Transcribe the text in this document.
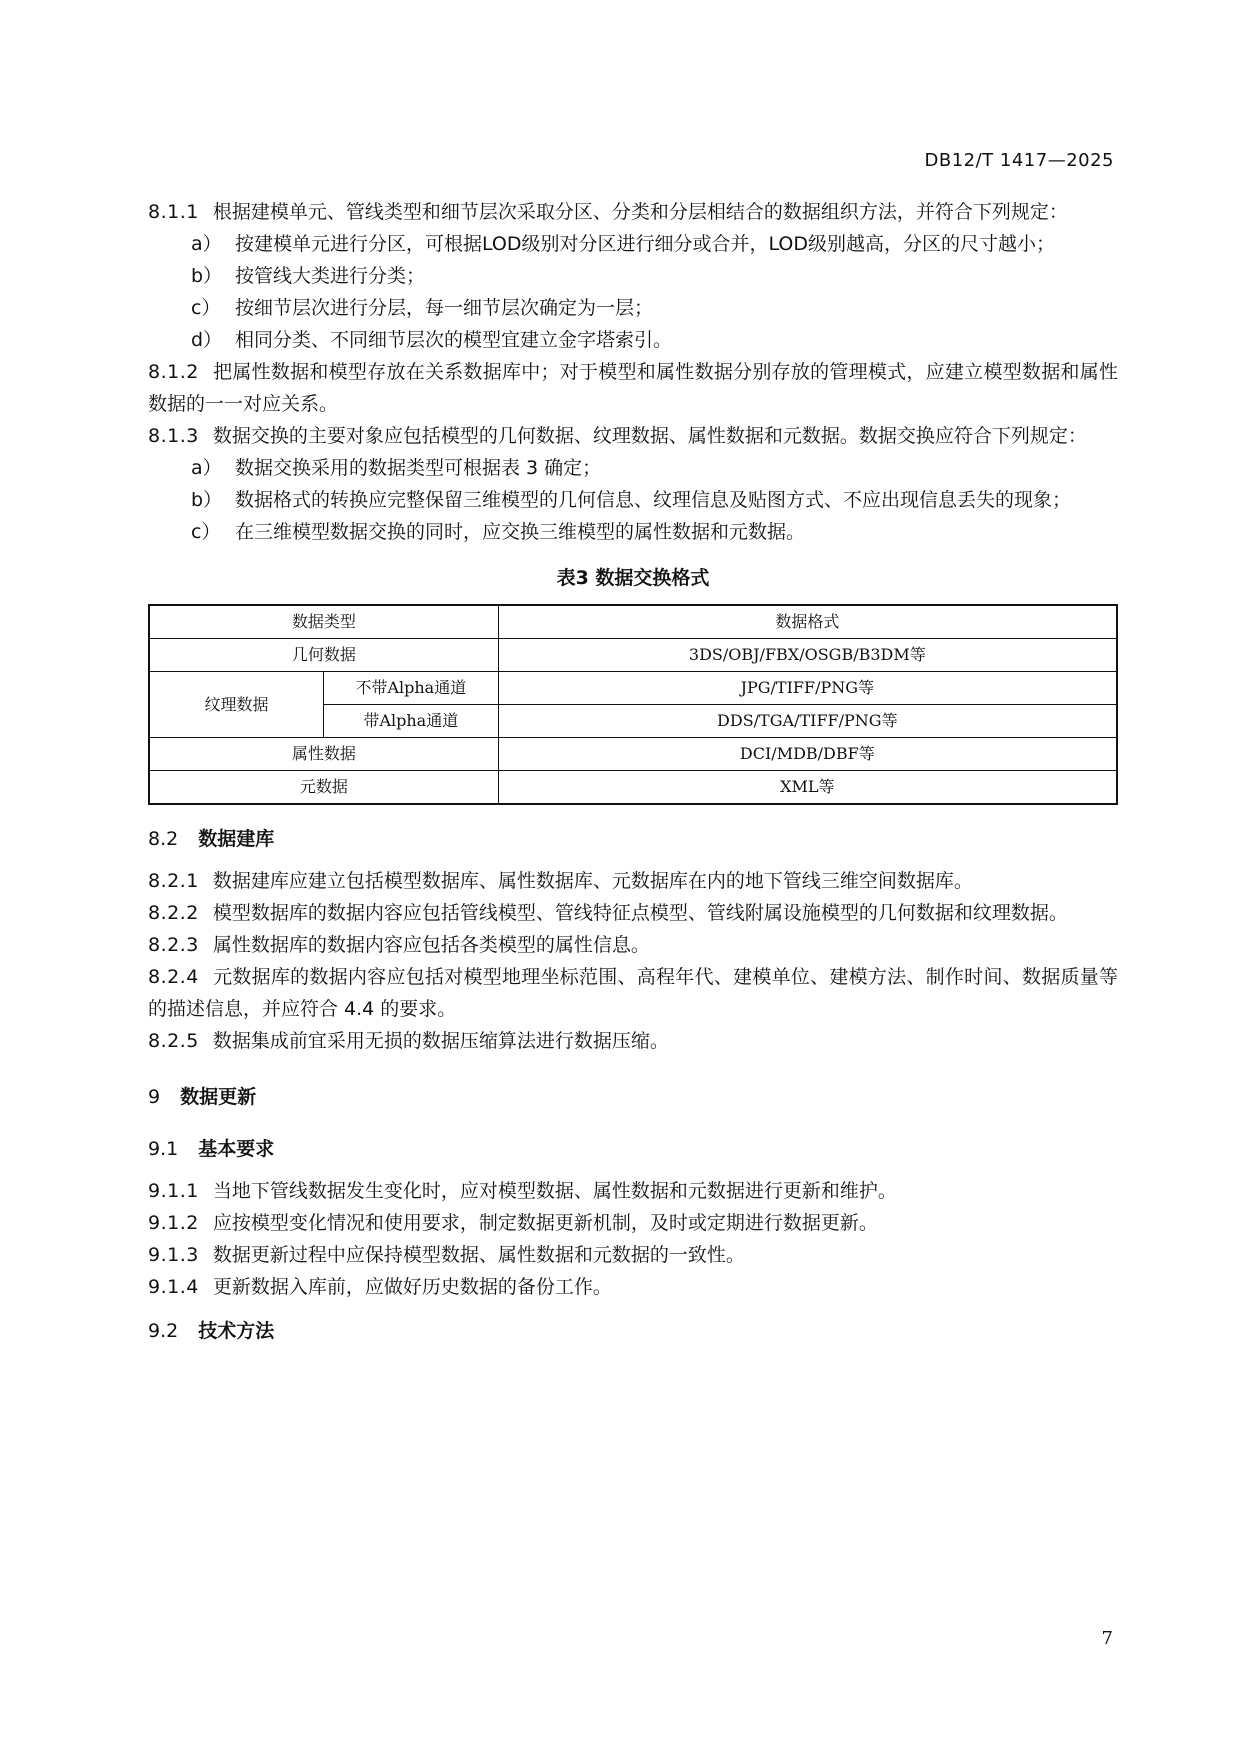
DB12/T 1417—2025

8.1.1 根据建模单元、管线类型和细节层次采取分区、分类和分层相结合的数据组织方法，并符合下列规定：

a） 按建模单元进行分区，可根据LOD级别对分区进行细分或合并，LOD级别越高，分区的尺寸越小；

b） 按管线大类进行分类；

c） 按细节层次进行分层，每一细节层次确定为一层；

d） 相同分类、不同细节层次的模型宜建立金字塔索引。

8.1.2 把属性数据和模型存放在关系数据库中；对于模型和属性数据分别存放的管理模式，应建立模型数据和属性数据的一一对应关系。

8.1.3 数据交换的主要对象应包括模型的几何数据、纹理数据、属性数据和元数据。数据交换应符合下列规定：

a） 数据交换采用的数据类型可根据表 3 确定；

b） 数据格式的转换应完整保留三维模型的几何信息、纹理信息及贴图方式、不应出现信息丢失的现象；

c） 在三维模型数据交换的同时，应交换三维模型的属性数据和元数据。

表3 数据交换格式
数据类型		数据格式
几何数据		3DS/OBJ/FBX/OSGB/B3DM等
纹理数据	不带Alpha通道	JPG/TIFF/PNG等
	带Alpha通道	DDS/TGA/TIFF/PNG等
属性数据		DCI/MDB/DBF等
元数据		XML等
8.2 数据建库

8.2.1 数据建库应建立包括模型数据库、属性数据库、元数据库在内的地下管线三维空间数据库。

8.2.2 模型数据库的数据内容应包括管线模型、管线特征点模型、管线附属设施模型的几何数据和纹理数据。

8.2.3 属性数据库的数据内容应包括各类模型的属性信息。

8.2.4 元数据库的数据内容应包括对模型地理坐标范围、高程年代、建模单位、建模方法、制作时间、数据质量等的描述信息，并应符合 4.4 的要求。

8.2.5 数据集成前宜采用无损的数据压缩算法进行数据压缩。

9 数据更新
9.1 基本要求

9.1.1 当地下管线数据发生变化时，应对模型数据、属性数据和元数据进行更新和维护。

9.1.2 应按模型变化情况和使用要求，制定数据更新机制，及时或定期进行数据更新。

9.1.3 数据更新过程中应保持模型数据、属性数据和元数据的一致性。

9.1.4 更新数据入库前，应做好历史数据的备份工作。

9.2 技术方法
7
